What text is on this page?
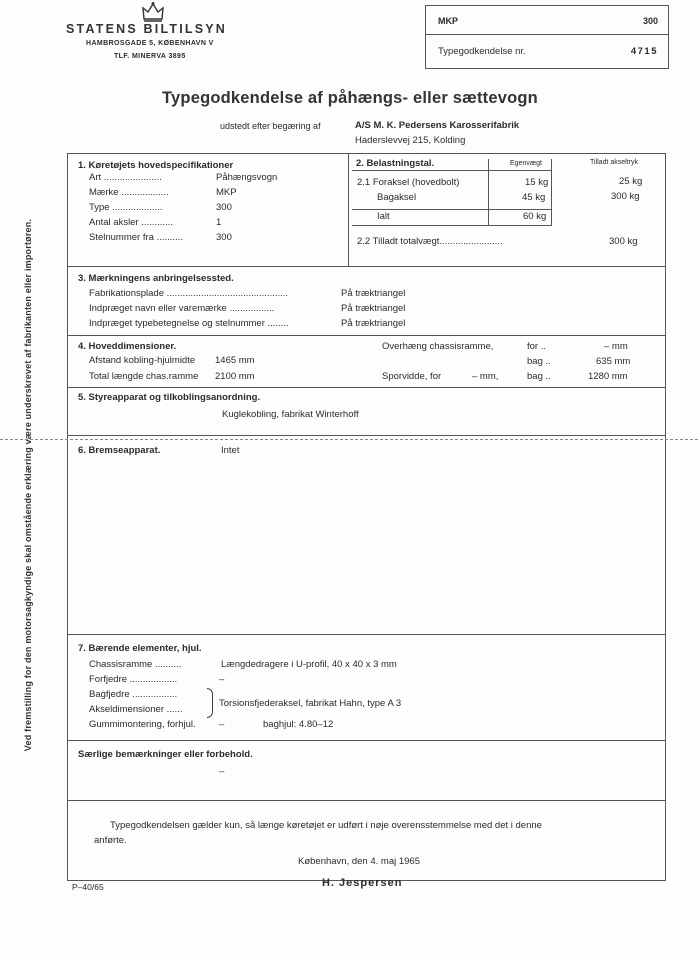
STATENS BILTILSYN
HAMBROSGADE 5, KØBENHAVN V
TLF. MINERVA 3895
MKP	300
Typegodkendelse nr.	4715
Typegodkendelse af påhængs- eller sættevogn
udstedt efter begæring af	A/S M. K. Pedersens Karosserifabrik
Haderslevvej 215, Kolding
Ved fremstilling for den motorsagkyndige skal omstående erklæring være underskrevet af fabrikanten eller importøren.
1. Køretøjets hovedspecifikationer
Art ......................	Påhængsvogn
Mærke ..................	MKP
Type ...................	300
Antal aksler ............	1
Stelnummer fra ..........	300
2. Belastningstal.	Egenvægt	Tilladt akseltryk
2.1 Foraksel (hovedbolt)	15 kg	25 kg
Bagaksel	45 kg	300 kg
Ialt	60 kg
2.2 Tilladt totalvægt........................	300 kg
3. Mærkningens anbringelsessted.
Fabrikationsplade ..............................................	På træktriangel
Indpræget navn eller varemærke .................	På træktriangel
Indpræget typebetegnelse og stelnummer ........	På træktriangel
4. Hoveddimensioner.
Afstand kobling-hjulmidte 1465 mm
Total længde chas.ramme 2100 mm
Overhæng chassisramme,	for ..	– mm
bag ..	635 mm
Sporvidde, for	– mm,	bag ..	1280 mm
5. Styreapparat og tilkoblingsanordning.
Kuglekobling, fabrikat Winterhoff
6. Bremseapparat.	Intet
7. Bærende elementer, hjul.
Chassisramme ..........	Længdedragere i U-profil, 40 x 40 x 3 mm
Forfjedre ..................	–
Bagfjedre .................
Akseldimensioner ......
Torsionsfjederaksel, fabrikat Hahn, type A 3
Gummimontering, forhjul. –	baghjul: 4.80–12
Særlige bemærkninger eller forbehold.
–
Typegodkendelsen gælder kun, så længe køretøjet er udført i nøje overensstemmelse med det i denne
anførte.
København, den 4. maj 1965
P–40/65	H. Jespersen
